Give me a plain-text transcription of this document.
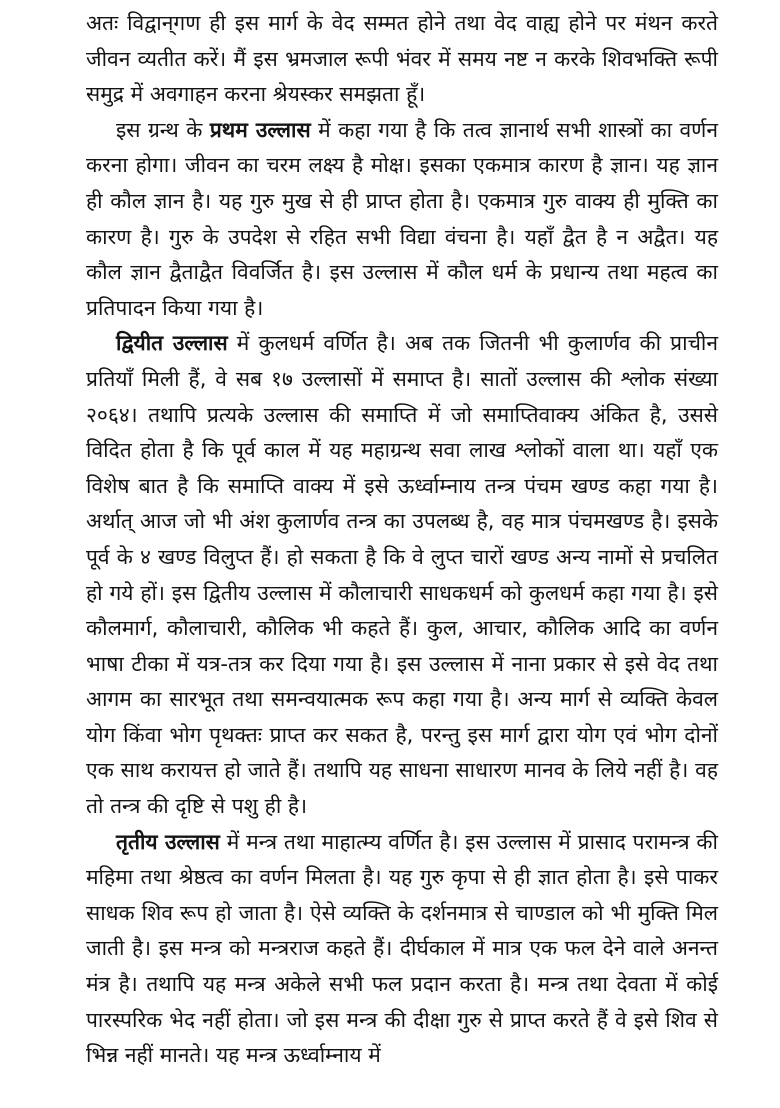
अतः विद्वान्‌गण ही इस मार्ग के वेद सम्मत होने तथा वेद वाह्य होने पर मंथन करते जीवन व्यतीत करें। मैं इस भ्रमजाल रूपी भंवर में समय नष्ट न करके शिवभक्ति रूपी समुद्र में अवगाहन करना श्रेयस्कर समझता हूँ।

इस ग्रन्थ के प्रथम उल्लास में कहा गया है कि तत्व ज्ञानार्थ सभी शास्त्रों का वर्णन करना होगा। जीवन का चरम लक्ष्य है मोक्ष। इसका एकमात्र कारण है ज्ञान। यह ज्ञान ही कौल ज्ञान है। यह गुरु मुख से ही प्राप्त होता है। एकमात्र गुरु वाक्य ही मुक्ति का कारण है। गुरु के उपदेश से रहित सभी विद्या वंचना है। यहाँ द्वैत है न अद्वैत। यह कौल ज्ञान द्वैताद्वैत विवर्जित है। इस उल्लास में कौल धर्म के प्रधान्य तथा महत्व का प्रतिपादन किया गया है।

द्वियीत उल्लास में कुलधर्म वर्णित है। अब तक जितनी भी कुलार्णव की प्राचीन प्रतियाँ मिली हैं, वे सब १७ उल्लासों में समाप्त है। सातों उल्लास की श्लोक संख्या २०६४। तथापि प्रत्यके उल्लास की समाप्ति में जो समाप्तिवाक्य अंकित है, उससे विदित होता है कि पूर्व काल में यह महाग्रन्थ सवा लाख श्लोकों वाला था। यहाँ एक विशेष बात है कि समाप्ति वाक्य में इसे ऊर्ध्वाम्नाय तन्त्र पंचम खण्ड कहा गया है। अर्थात् आज जो भी अंश कुलार्णव तन्त्र का उपलब्ध है, वह मात्र पंचमखण्ड है। इसके पूर्व के ४ खण्ड विलुप्त हैं। हो सकता है कि वे लुप्त चारों खण्ड अन्य नामों से प्रचलित हो गये हों। इस द्वितीय उल्लास में कौलाचारी साधकधर्म को कुलधर्म कहा गया है। इसे कौलमार्ग, कौलाचारी, कौलिक भी कहते हैं। कुल, आचार, कौलिक आदि का वर्णन भाषा टीका में यत्र-तत्र कर दिया गया है। इस उल्लास में नाना प्रकार से इसे वेद तथा आगम का सारभूत तथा समन्वयात्मक रूप कहा गया है। अन्य मार्ग से व्यक्ति केवल योग किंवा भोग पृथक्तः प्राप्त कर सकत है, परन्तु इस मार्ग द्वारा योग एवं भोग दोनों एक साथ करायत्त हो जाते हैं। तथापि यह साधना साधारण मानव के लिये नहीं है। वह तो तन्त्र की दृष्टि से पशु ही है।

तृतीय उल्लास में मन्त्र तथा माहात्म्य वर्णित है। इस उल्लास में प्रासाद परामन्त्र की महिमा तथा श्रेष्ठत्व का वर्णन मिलता है। यह गुरु कृपा से ही ज्ञात होता है। इसे पाकर साधक शिव रूप हो जाता है। ऐसे व्यक्ति के दर्शनमात्र से चाण्डाल को भी मुक्ति मिल जाती है। इस मन्त्र को मन्त्रराज कहते हैं। दीर्घकाल में मात्र एक फल देने वाले अनन्त मंत्र है। तथापि यह मन्त्र अकेले सभी फल प्रदान करता है। मन्त्र तथा देवता में कोई पारस्परिक भेद नहीं होता। जो इस मन्त्र की दीक्षा गुरु से प्राप्त करते हैं वे इसे शिव से भिन्न नहीं मानते। यह मन्त्र ऊर्ध्वाम्नाय में
